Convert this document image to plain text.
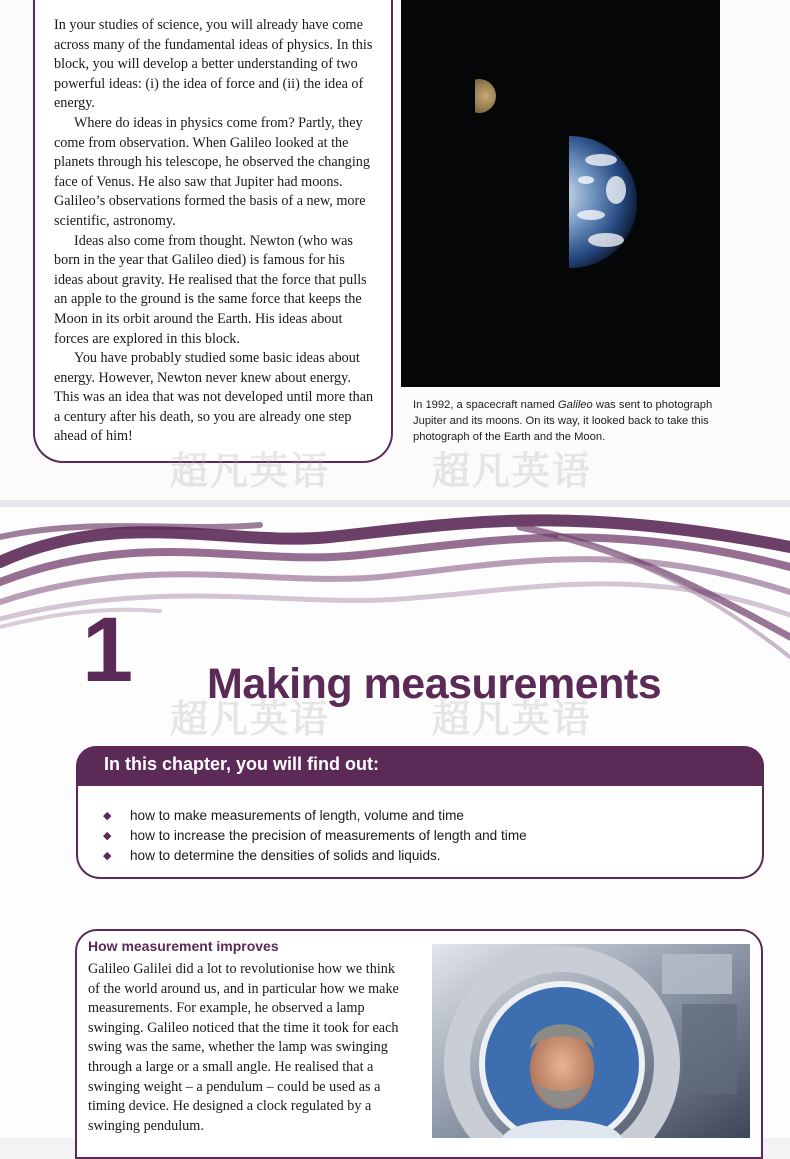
In your studies of science, you will already have come across many of the fundamental ideas of physics. In this block, you will develop a better understanding of two powerful ideas: (i) the idea of force and (ii) the idea of energy.

Where do ideas in physics come from? Partly, they come from observation. When Galileo looked at the planets through his telescope, he observed the changing face of Venus. He also saw that Jupiter had moons. Galileo’s observations formed the basis of a new, more scientific, astronomy.

Ideas also come from thought. Newton (who was born in the year that Galileo died) is famous for his ideas about gravity. He realised that the force that pulls an apple to the ground is the same force that keeps the Moon in its orbit around the Earth. His ideas about forces are explored in this block.

You have probably studied some basic ideas about energy. However, Newton never knew about energy. This was an idea that was not developed until more than a century after his death, so you are already one step ahead of him!

In 1992, a spacecraft named Galileo was sent to photograph Jupiter and its moons. On its way, it looked back to take this photograph of the Earth and the Moon.
1 Making measurements
In this chapter, you will find out:
◆ how to make measurements of length, volume and time
◆ how to increase the precision of measurements of length and time
◆ how to determine the densities of solids and liquids.
How measurement improves

Galileo Galilei did a lot to revolutionise how we think of the world around us, and in particular how we make measurements. For example, he observed a lamp swinging. Galileo noticed that the time it took for each swing was the same, whether the lamp was swinging through a large or a small angle. He realised that a swinging weight – a pendulum – could be used as a timing device. He designed a clock regulated by a swinging pendulum.

超凡英语	超凡英语
超凡英语	超凡英语
